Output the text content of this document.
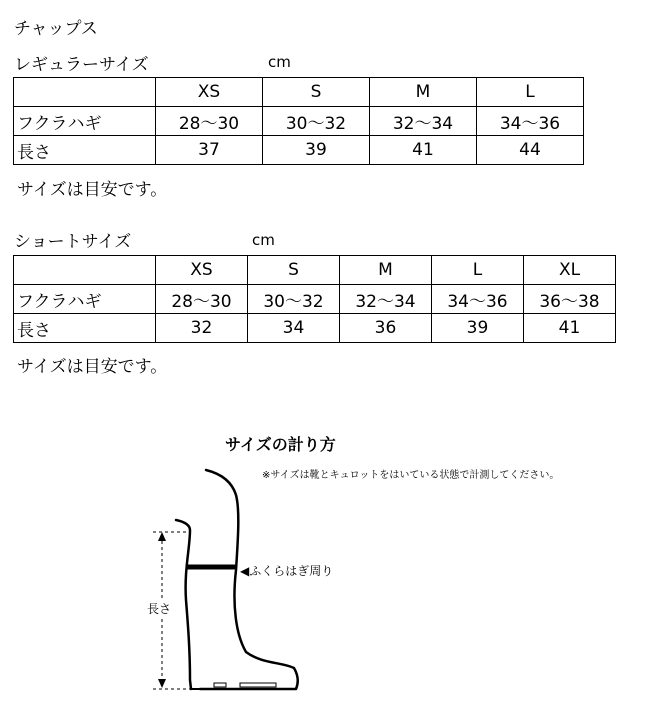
チャップス
レギュラーサイズ	cm
	XS	S	M	L
フクラハギ	28〜30	30〜32	32〜34	34〜36
長さ	37	39	41	44
サイズは目安です。
ショートサイズ	cm
	XS	S	M	L	XL
フクラハギ	28〜30	30〜32	32〜34	34〜36	36〜38
長さ	32	34	36	39	41
サイズは目安です。
サイズの計り方
※サイズは靴とキュロットをはいている状態で計測してください。
◀ふくらはぎ周り
長さ
